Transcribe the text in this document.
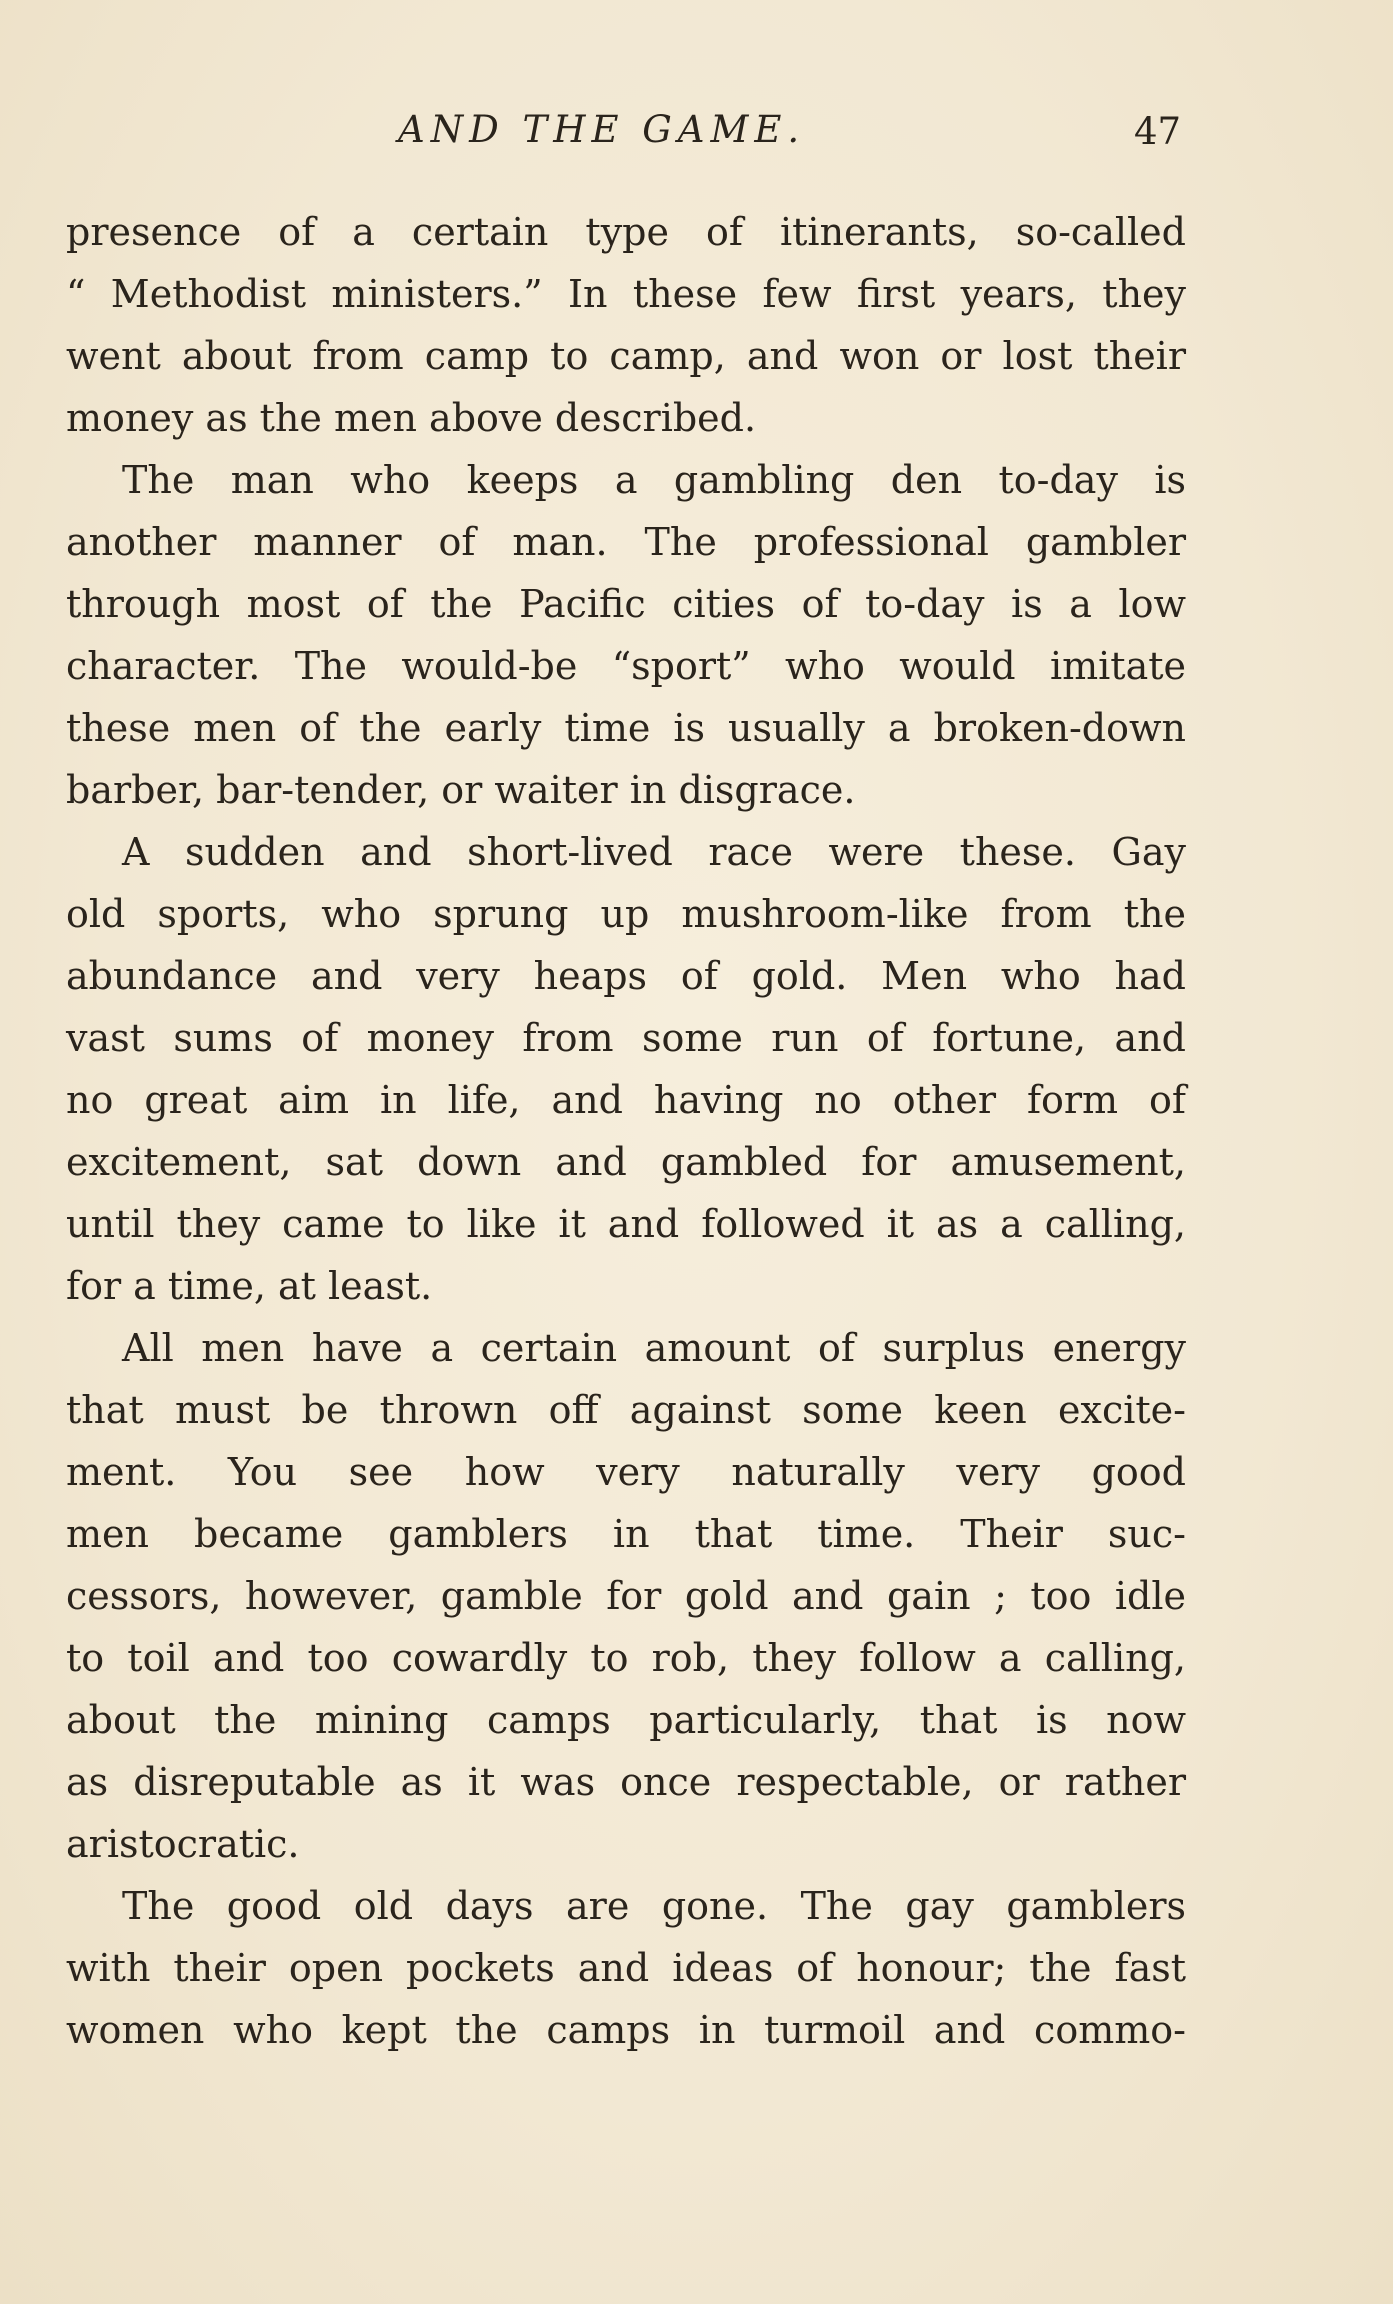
AND THE GAME.	47
presence of a certain type of itinerants, so-called
“ Methodist ministers.” In these few first years, they
went about from camp to camp, and won or lost their
money as the men above described.
The man who keeps a gambling den to-day is
another manner of man. The professional gambler
through most of the Pacific cities of to-day is a low
character. The would-be “sport” who would imitate
these men of the early time is usually a broken-down
barber, bar-tender, or waiter in disgrace.
A sudden and short-lived race were these. Gay
old sports, who sprung up mushroom-like from the
abundance and very heaps of gold. Men who had
vast sums of money from some run of fortune, and
no great aim in life, and having no other form of
excitement, sat down and gambled for amusement,
until they came to like it and followed it as a calling,
for a time, at least.
All men have a certain amount of surplus energy
that must be thrown off against some keen excite-
ment. You see how very naturally very good
men became gamblers in that time. Their suc-
cessors, however, gamble for gold and gain ; too idle
to toil and too cowardly to rob, they follow a calling,
about the mining camps particularly, that is now
as disreputable as it was once respectable, or rather
aristocratic.
The good old days are gone. The gay gamblers
with their open pockets and ideas of honour; the fast
women who kept the camps in turmoil and commo-
